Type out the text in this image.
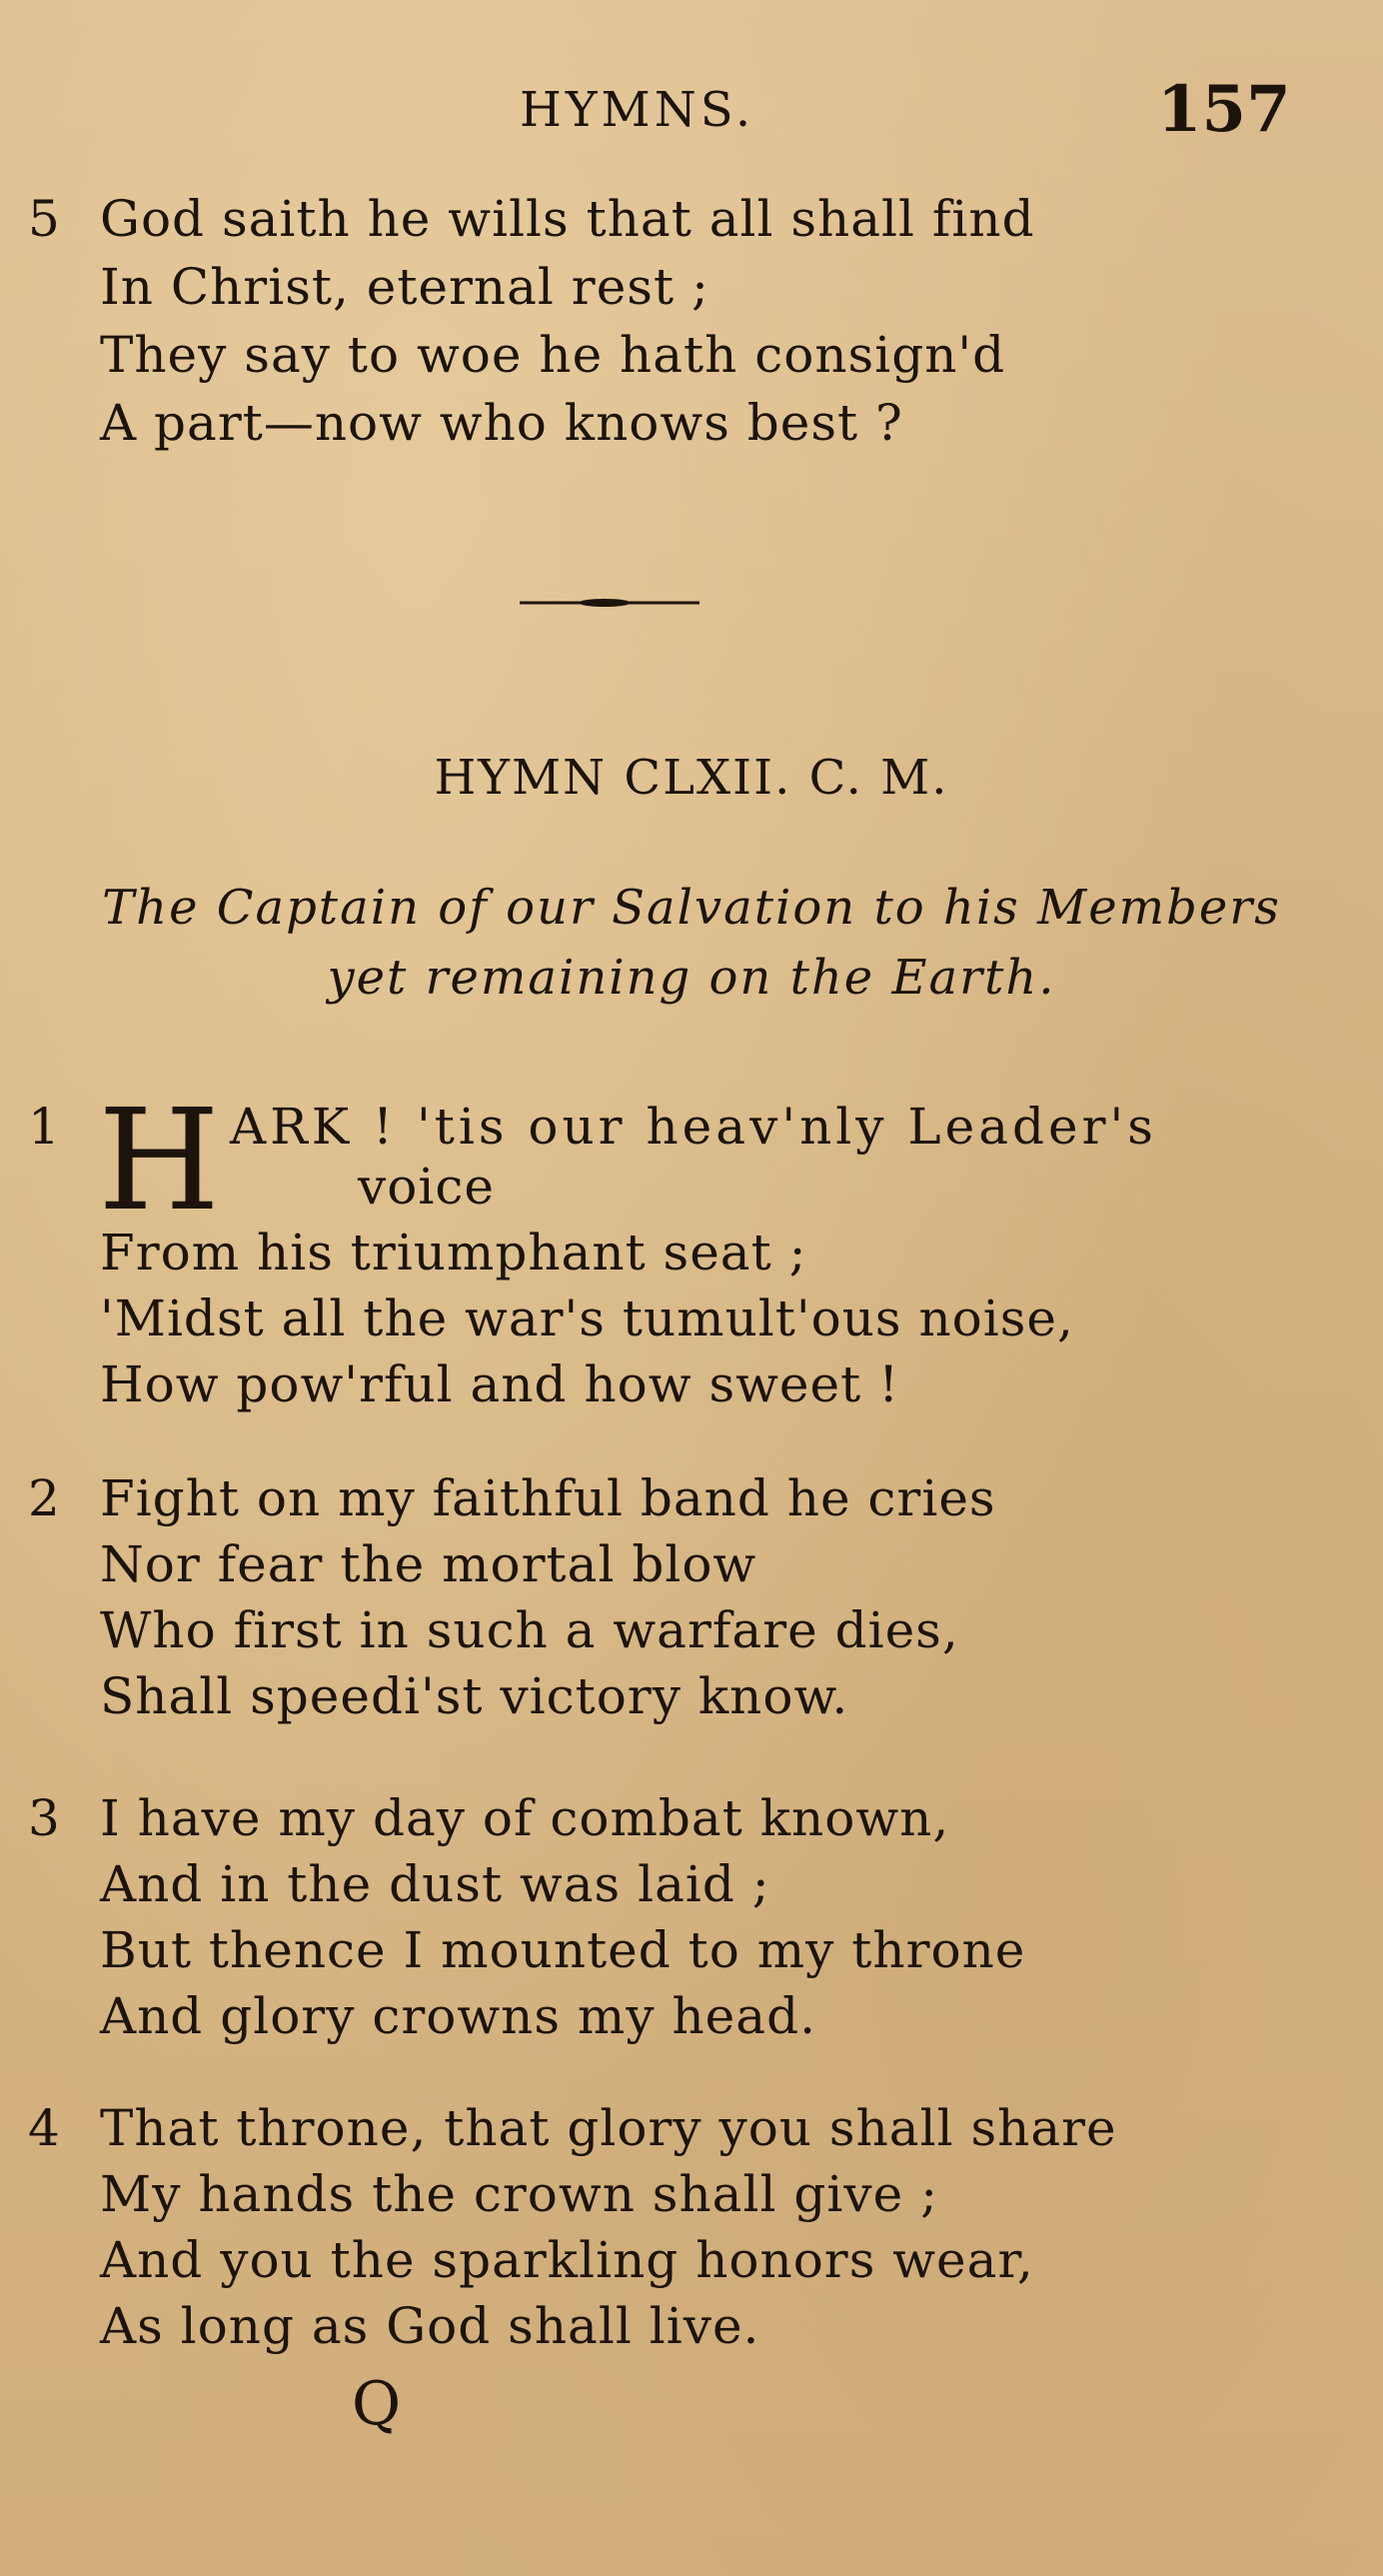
HYMNS.	157
5 God saith he wills that all shall find
In Christ, eternal rest ;
They say to woe he hath consign'd
A part—now who knows best ?
HYMN CLXII. C. M.
The Captain of our Salvation to his Members
yet remaining on the Earth.
1 H ARK ! 'tis our heav'nly Leader's
voice
From his triumphant seat ;
'Midst all the war's tumult'ous noise,
How pow'rful and how sweet !
2 Fight on my faithful band he cries
Nor fear the mortal blow
Who first in such a warfare dies,
Shall speedi'st victory know.
3 I have my day of combat known,
And in the dust was laid ;
But thence I mounted to my throne
And glory crowns my head.
4 That throne, that glory you shall share
My hands the crown shall give ;
And you the sparkling honors wear,
As long as God shall live.
Q
